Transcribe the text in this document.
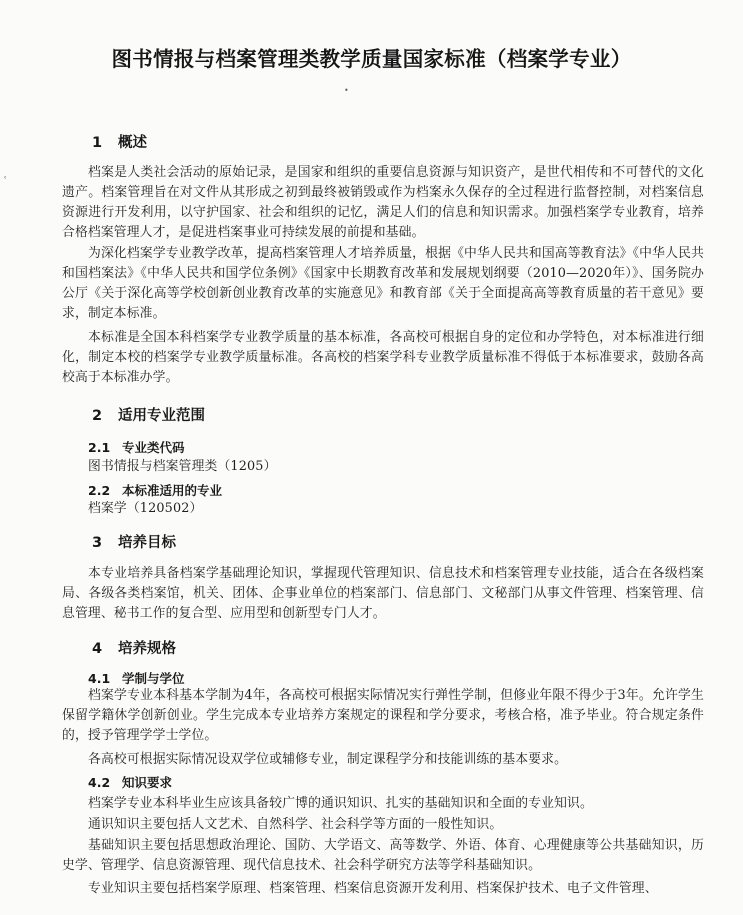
图书情报与档案管理类教学质量国家标准（档案学专业）
•
ʿ
1 概述
档案是人类社会活动的原始记录，是国家和组织的重要信息资源与知识资产，是世代相传和不可替代的文化遗产。档案管理旨在对文件从其形成之初到最终被销毁或作为档案永久保存的全过程进行监督控制，对档案信息资源进行开发利用，以守护国家、社会和组织的记忆，满足人们的信息和知识需求。加强档案学专业教育，培养合格档案管理人才，是促进档案事业可持续发展的前提和基础。
为深化档案学专业教学改革，提高档案管理人才培养质量，根据《中华人民共和国高等教育法》《中华人民共和国档案法》《中华人民共和国学位条例》《国家中长期教育改革和发展规划纲要（2010—2020年）》、国务院办公厅《关于深化高等学校创新创业教育改革的实施意见》和教育部《关于全面提高高等教育质量的若干意见》要求，制定本标准。
本标准是全国本科档案学专业教学质量的基本标准，各高校可根据自身的定位和办学特色，对本标准进行细化，制定本校的档案学专业教学质量标准。各高校的档案学科专业教学质量标准不得低于本标准要求，鼓励各高校高于本标准办学。
2 适用专业范围
2.1 专业类代码
图书情报与档案管理类（1205）
2.2 本标准适用的专业
档案学（120502）
3 培养目标
本专业培养具备档案学基础理论知识，掌握现代管理知识、信息技术和档案管理专业技能，适合在各级档案局、各级各类档案馆，机关、团体、企事业单位的档案部门、信息部门、文秘部门从事文件管理、档案管理、信息管理、秘书工作的复合型、应用型和创新型专门人才。
4 培养规格
4.1 学制与学位
档案学专业本科基本学制为4年，各高校可根据实际情况实行弹性学制，但修业年限不得少于3年。允许学生保留学籍休学创新创业。学生完成本专业培养方案规定的课程和学分要求，考核合格，准予毕业。符合规定条件的，授予管理学学士学位。
各高校可根据实际情况设双学位或辅修专业，制定课程学分和技能训练的基本要求。
4.2 知识要求
档案学专业本科毕业生应该具备较广博的通识知识、扎实的基础知识和全面的专业知识。
通识知识主要包括人文艺术、自然科学、社会科学等方面的一般性知识。
基础知识主要包括思想政治理论、国防、大学语文、高等数学、外语、体育、心理健康等公共基础知识，历史学、管理学、信息资源管理、现代信息技术、社会科学研究方法等学科基础知识。
专业知识主要包括档案学原理、档案管理、档案信息资源开发利用、档案保护技术、电子文件管理、
